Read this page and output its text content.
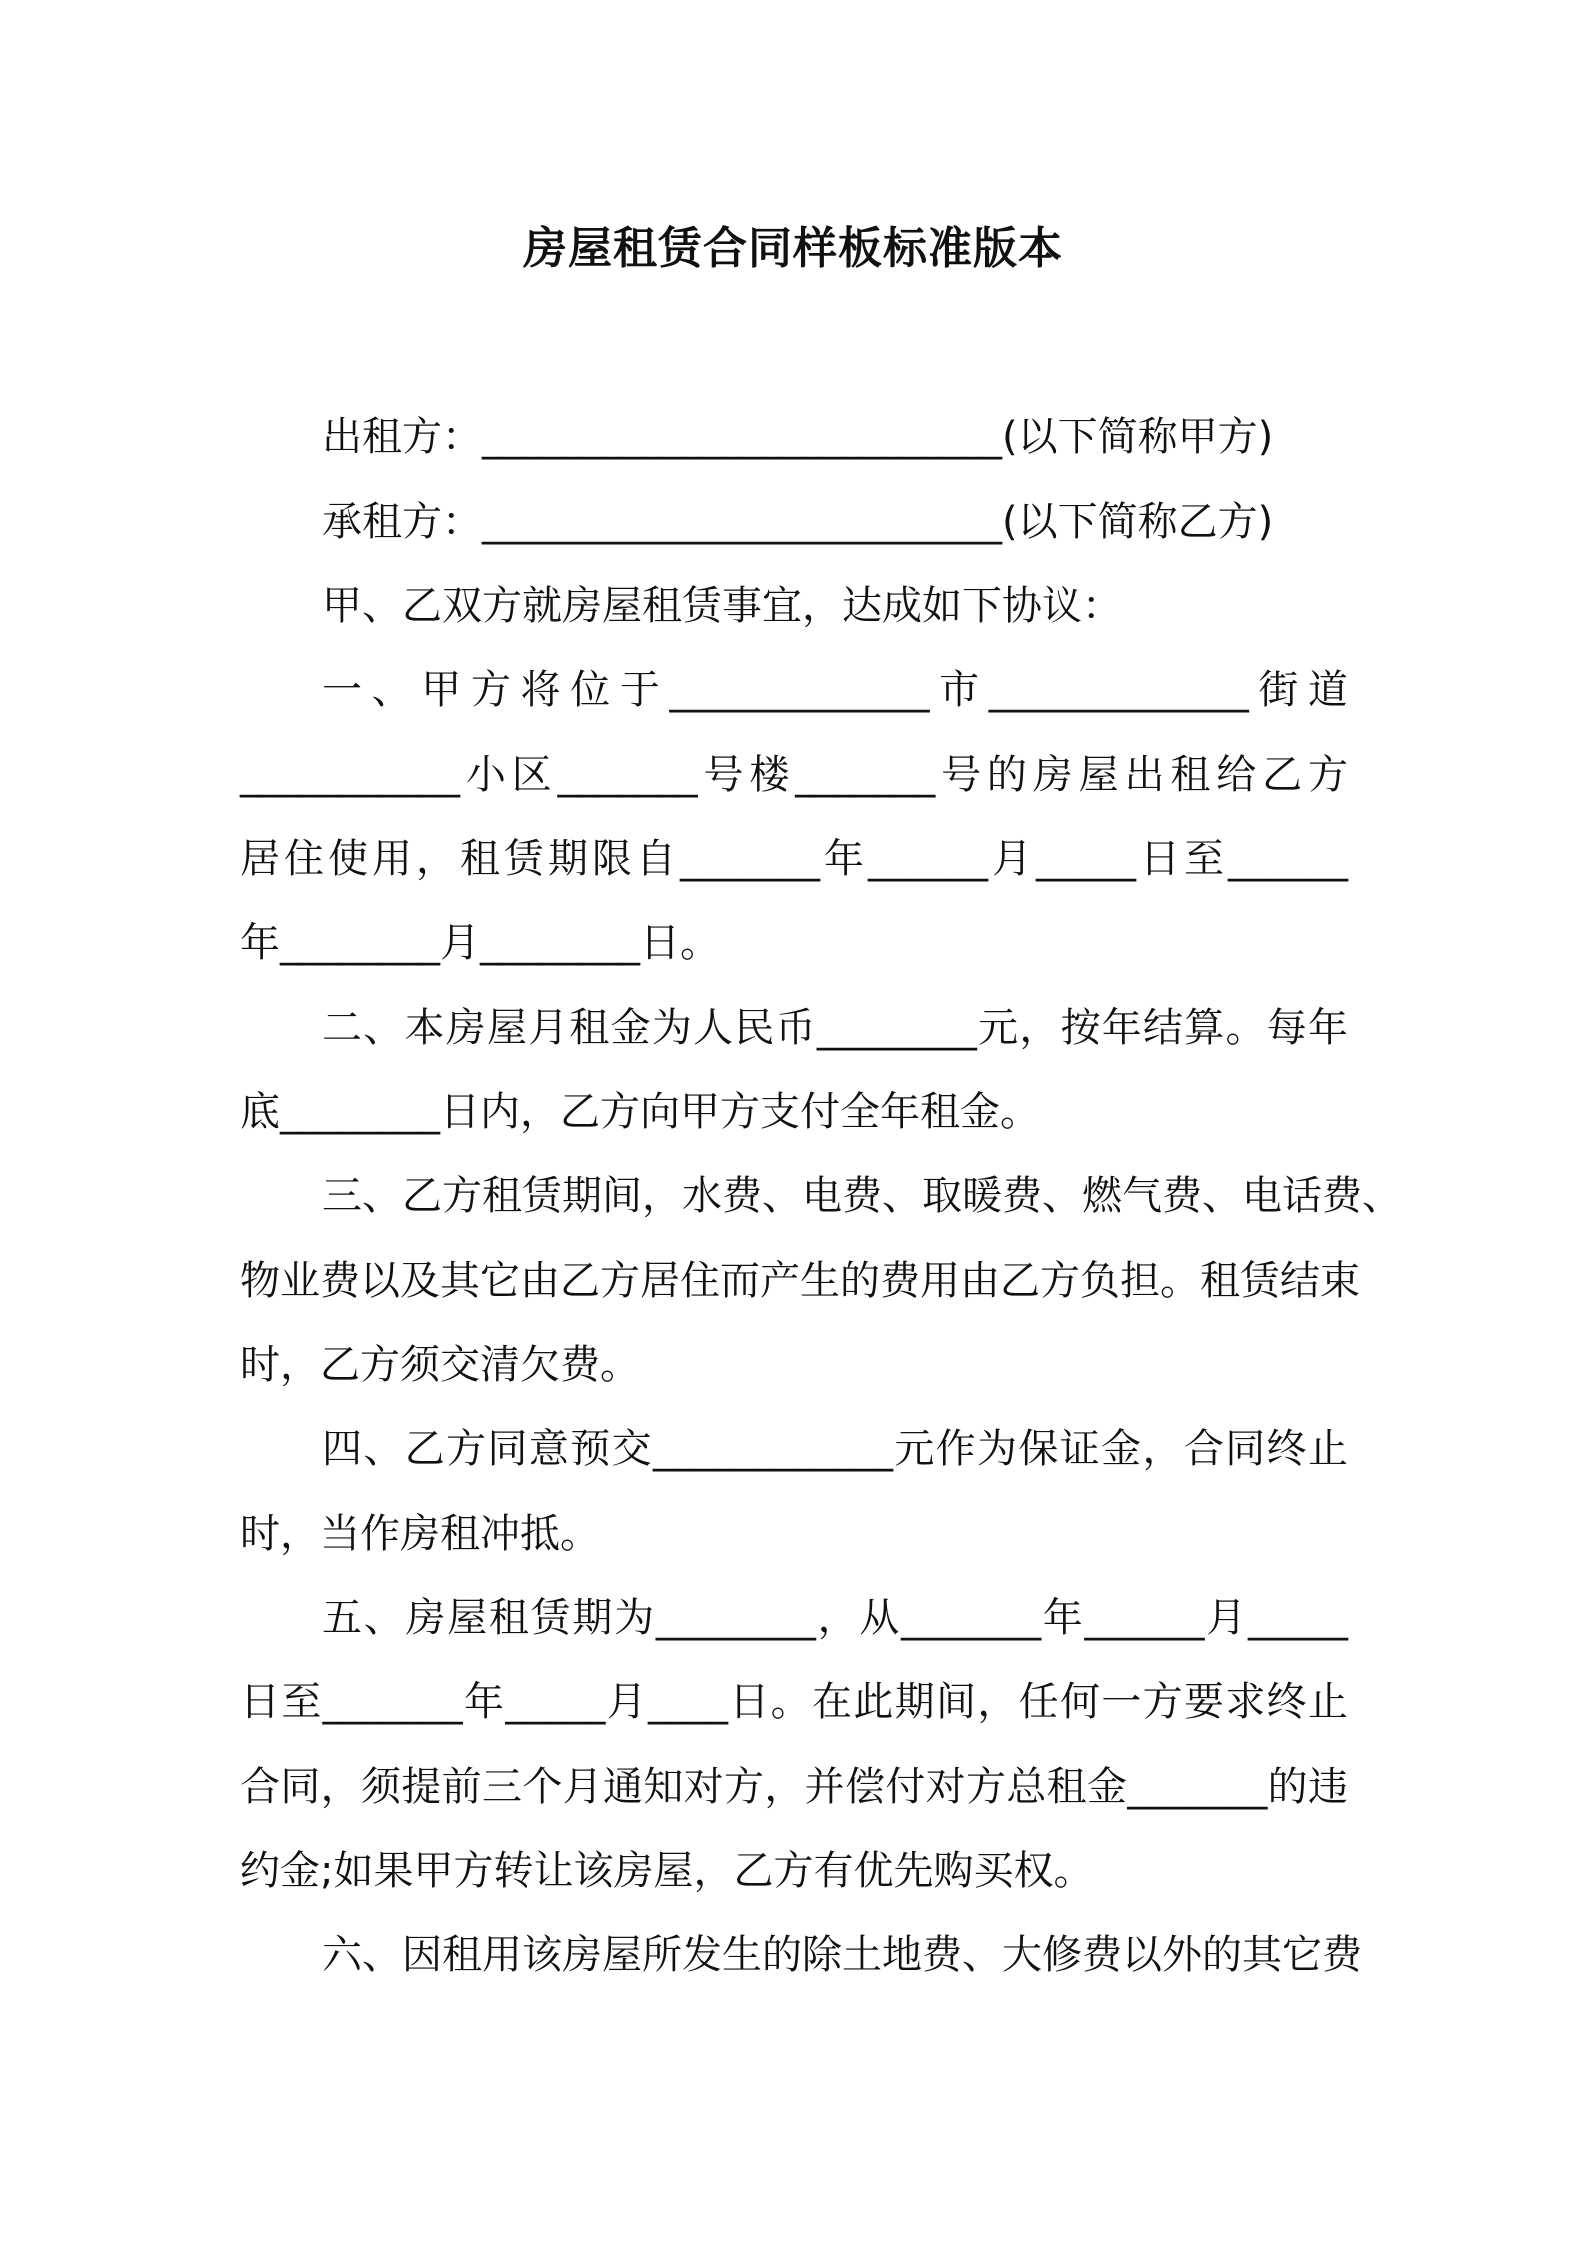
房屋租赁合同样板标准版本
出租方：__________________________(以下简称甲方)
承租方：__________________________(以下简称乙方)
甲、乙双方就房屋租赁事宜，达成如下协议：
一、甲方将位于_____________市_____________街道
___________小区_______号楼_______号的房屋出租给乙方
居住使用，租赁期限自_______年______月_____日至______
年________月________日。
二、本房屋月租金为人民币________元，按年结算。每年
底________日内，乙方向甲方支付全年租金。
三、乙方租赁期间，水费、电费、取暖费、燃气费、电话费、
物业费以及其它由乙方居住而产生的费用由乙方负担。租赁结束
时，乙方须交清欠费。
四、乙方同意预交____________元作为保证金，合同终止
时，当作房租冲抵。
五、房屋租赁期为________，从_______年______月_____
日至_______年_____月____日。在此期间，任何一方要求终止
合同，须提前三个月通知对方，并偿付对方总租金_______的违
约金;如果甲方转让该房屋，乙方有优先购买权。
六、因租用该房屋所发生的除土地费、大修费以外的其它费
